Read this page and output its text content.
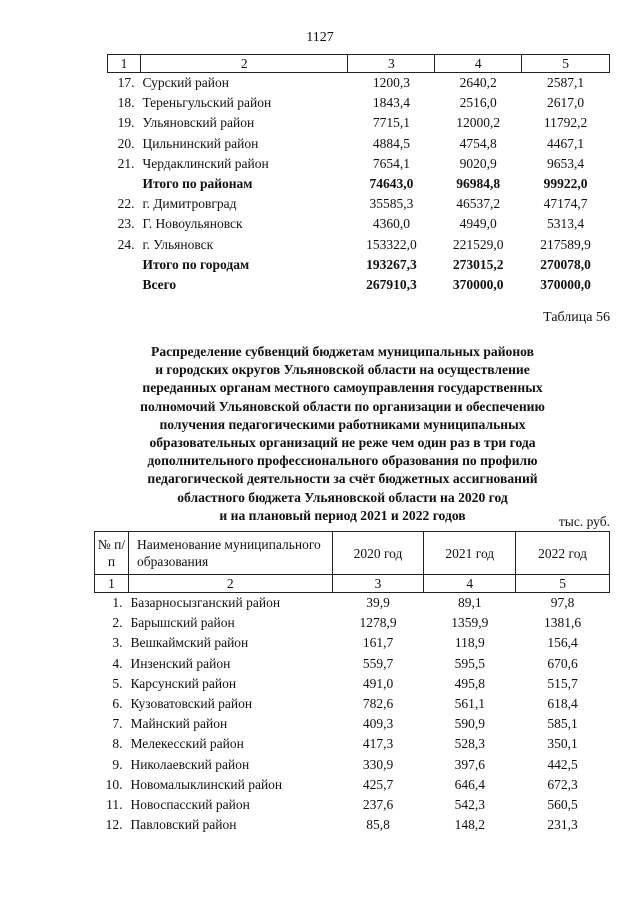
1127
1	2	3	4	5
17.	Сурский район	1200,3	2640,2	2587,1
18.	Тереньгульский район	1843,4	2516,0	2617,0
19.	Ульяновский район	7715,1	12000,2	11792,2
20.	Цильнинский район	4884,5	4754,8	4467,1
21.	Чердаклинский район	7654,1	9020,9	9653,4
	Итого по районам	74643,0	96984,8	99922,0
22.	г. Димитровград	35585,3	46537,2	47174,7
23.	Г. Новоульяновск	4360,0	4949,0	5313,4
24.	г. Ульяновск	153322,0	221529,0	217589,9
	Итого по городам	193267,3	273015,2	270078,0
	Всего	267910,3	370000,0	370000,0
Таблица 56
Распределение субвенций бюджетам муниципальных районов
и городских округов Ульяновской области на осуществление
переданных органам местного самоуправления государственных
полномочий Ульяновской области по организации и обеспечению
получения педагогическими работниками муниципальных
образовательных организаций не реже чем один раз в три года
дополнительного профессионального образования по профилю
педагогической деятельности за счёт бюджетных ассигнований
областного бюджета Ульяновской области на 2020 год
и на плановый период 2021 и 2022 годов	тыс. руб.
№ п/п	Наименование муниципального образования	2020 год	2021 год	2022 год
1	2	3	4	5
1.	Базарносызганский район	39,9	89,1	97,8
2.	Барышский район	1278,9	1359,9	1381,6
3.	Вешкаймский район	161,7	118,9	156,4
4.	Инзенский район	559,7	595,5	670,6
5.	Карсунский район	491,0	495,8	515,7
6.	Кузоватовский район	782,6	561,1	618,4
7.	Майнский район	409,3	590,9	585,1
8.	Мелекесский район	417,3	528,3	350,1
9.	Николаевский район	330,9	397,6	442,5
10.	Новомалыклинский район	425,7	646,4	672,3
11.	Новоспасский район	237,6	542,3	560,5
12.	Павловский район	85,8	148,2	231,3
